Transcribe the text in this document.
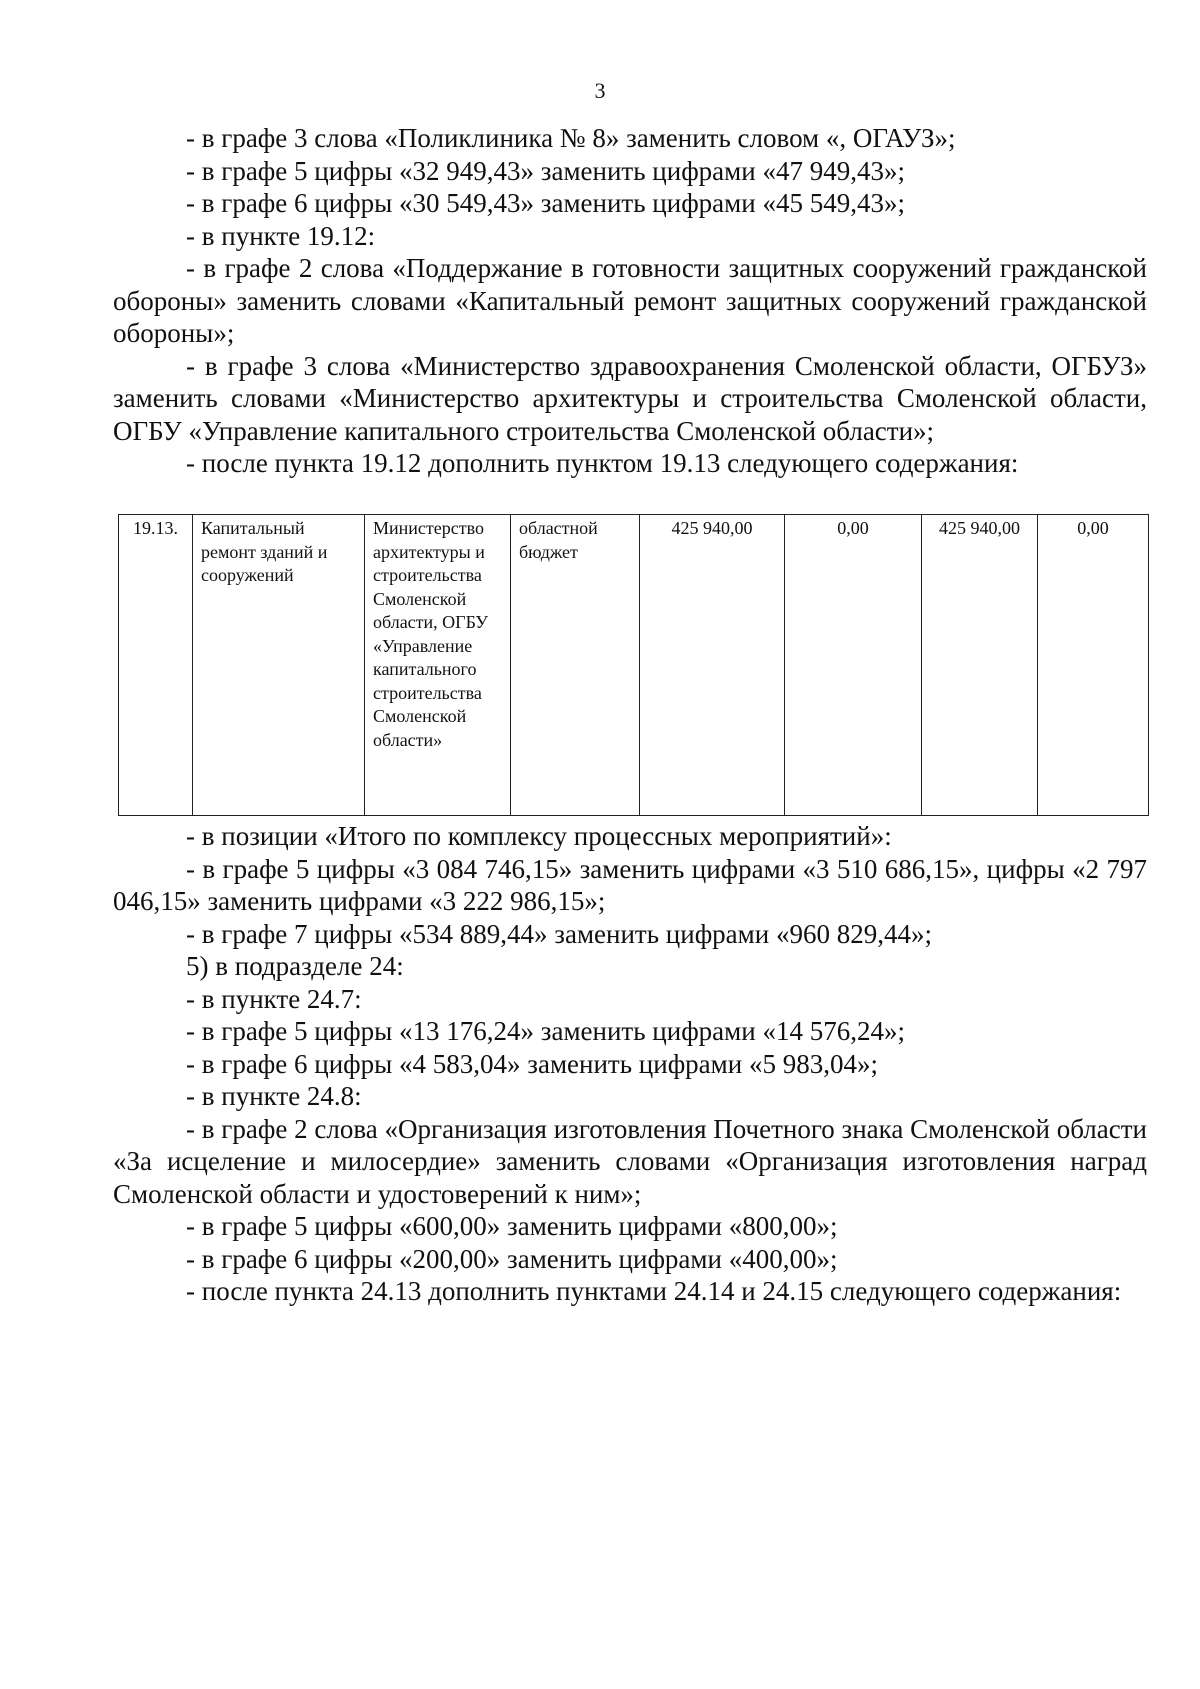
3

- в графе 3 слова «Поликлиника № 8» заменить словом «, ОГАУЗ»;

- в графе 5 цифры «32 949,43» заменить цифрами «47 949,43»;

- в графе 6 цифры «30 549,43» заменить цифрами «45 549,43»;

- в пункте 19.12:

- в графе 2 слова «Поддержание в готовности защитных сооружений гражданской обороны» заменить словами «Капитальный ремонт защитных сооружений гражданской обороны»;

- в графе 3 слова «Министерство здравоохранения Смоленской области, ОГБУЗ» заменить словами «Министерство архитектуры и строительства Смоленской области, ОГБУ «Управление капитального строительства Смоленской области»;

- после пункта 19.12 дополнить пунктом 19.13 следующего содержания:

19.13.	Капитальный ремонт зданий и сооружений	Министерство архитектуры и строительства Смоленской области, ОГБУ «Управление капитального строительства Смоленской области»	областной бюджет	425 940,00	0,00	425 940,00	0,00

- в позиции «Итого по комплексу процессных мероприятий»:

- в графе 5 цифры «3 084 746,15» заменить цифрами «3 510 686,15», цифры «2 797 046,15» заменить цифрами «3 222 986,15»;

- в графе 7 цифры «534 889,44» заменить цифрами «960 829,44»;

5) в подразделе 24:

- в пункте 24.7:

- в графе 5 цифры «13 176,24» заменить цифрами «14 576,24»;

- в графе 6 цифры «4 583,04» заменить цифрами «5 983,04»;

- в пункте 24.8:

- в графе 2 слова «Организация изготовления Почетного знака Смоленской области «За исцеление и милосердие» заменить словами «Организация изготовления наград Смоленской области и удостоверений к ним»;

- в графе 5 цифры «600,00» заменить цифрами «800,00»;

- в графе 6 цифры «200,00» заменить цифрами «400,00»;

- после пункта 24.13 дополнить пунктами 24.14 и 24.15 следующего содержания:
